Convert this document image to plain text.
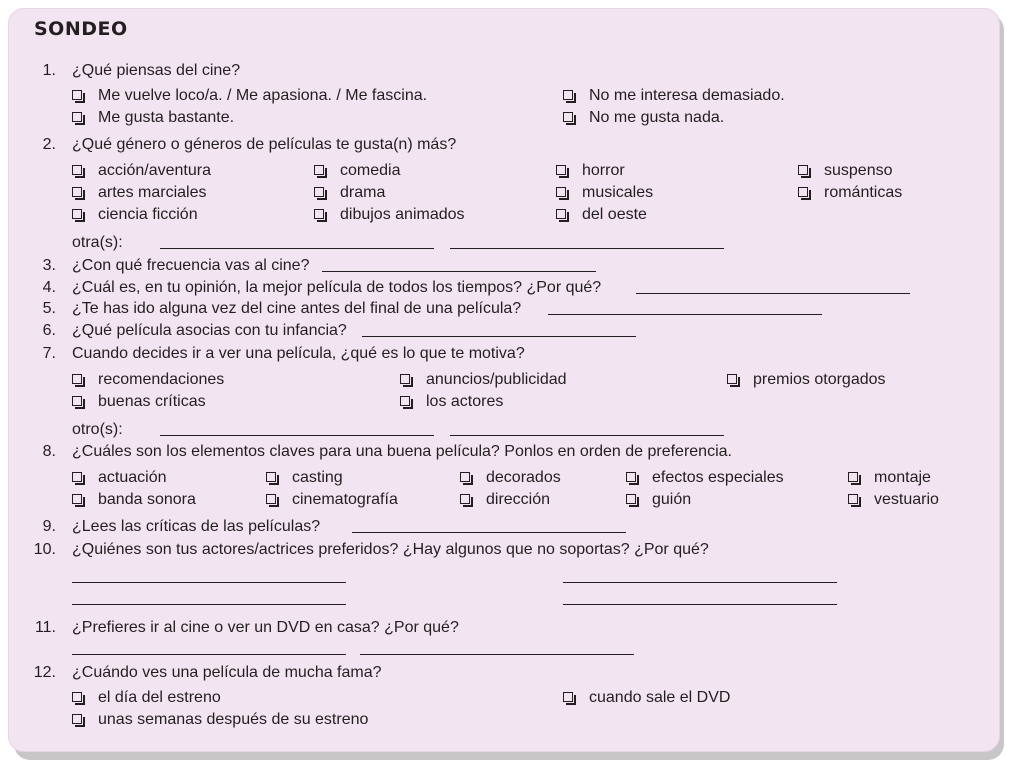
SONDEO
1. ¿Qué piensas del cine?
Me vuelve loco/a. / Me apasiona. / Me fascina.
Me gusta bastante.
No me interesa demasiado.
No me gusta nada.
2. ¿Qué género o géneros de películas te gusta(n) más?
acción/aventura
artes marciales
ciencia ficción
comedia
drama
dibujos animados
horror
musicales
del oeste
suspenso
románticas
otra(s):
3. ¿Con qué frecuencia vas al cine?
4. ¿Cuál es, en tu opinión, la mejor película de todos los tiempos? ¿Por qué?
5. ¿Te has ido alguna vez del cine antes del final de una película?
6. ¿Qué película asocias con tu infancia?
7. Cuando decides ir a ver una película, ¿qué es lo que te motiva?
recomendaciones
buenas críticas
anuncios/publicidad
los actores
premios otorgados
otro(s):
8. ¿Cuáles son los elementos claves para una buena película? Ponlos en orden de preferencia.
actuación
banda sonora
casting
cinematografía
decorados
dirección
efectos especiales
guión
montaje
vestuario
9. ¿Lees las críticas de las películas?
10. ¿Quiénes son tus actores/actrices preferidos? ¿Hay algunos que no soportas? ¿Por qué?
11. ¿Prefieres ir al cine o ver un DVD en casa? ¿Por qué?
12. ¿Cuándo ves una película de mucha fama?
el día del estreno
unas semanas después de su estreno
cuando sale el DVD
